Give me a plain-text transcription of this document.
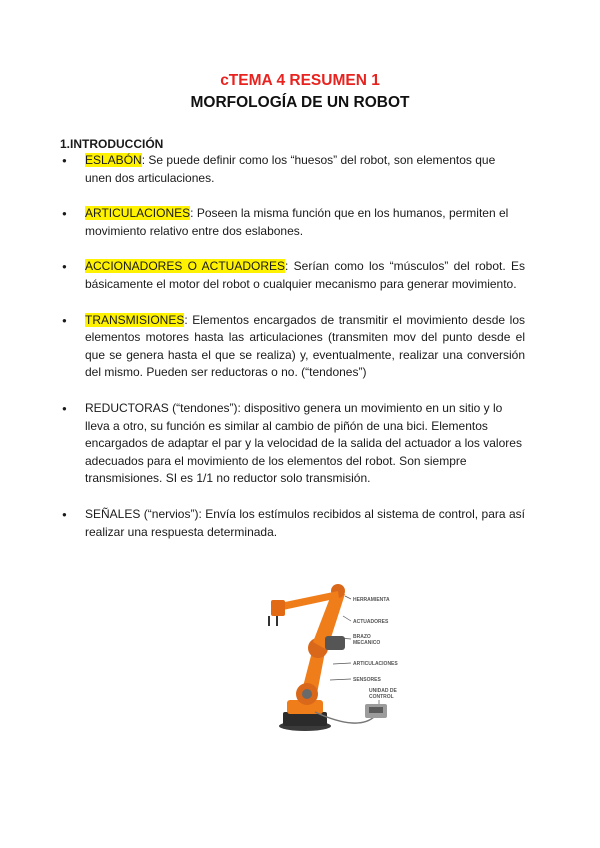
cTEMA 4 RESUMEN 1
MORFOLOGÍA DE UN ROBOT
1.INTRODUCCIÓN
● ESLABÓN: Se puede definir como los “huesos” del robot, son elementos que unen dos articulaciones.
● ARTICULACIONES: Poseen la misma función que en los humanos, permiten el movimiento relativo entre dos eslabones.
● ACCIONADORES O ACTUADORES: Serían como los “músculos” del robot. Es básicamente el motor del robot o cualquier mecanismo para generar movimiento.
● TRANSMISIONES: Elementos encargados de transmitir el movimiento desde los elementos motores hasta las articulaciones (transmiten mov del punto desde el que se genera hasta el que se realiza) y, eventualmente, realizar una conversión del mismo. Pueden ser reductoras o no. (“tendones”)
● REDUCTORAS (“tendones”): dispositivo genera un movimiento en un sitio y lo lleva a otro, su función es similar al cambio de piñón de una bici. Elementos encargados de adaptar el par y la velocidad de la salida del actuador a los valores adecuados para el movimiento de los elementos del robot. Son siempre transmisiones. SI es 1/1 no reductor solo transmisión.
● SEÑALES (“nervios”): Envía los estímulos recibidos al sistema de control, para así realizar una respuesta determinada.
HERRAMIENTA
ACTUADORES
BRAZO
MECANICO
ARTICULACIONES
SENSORES
UNIDAD DE
CONTROL
